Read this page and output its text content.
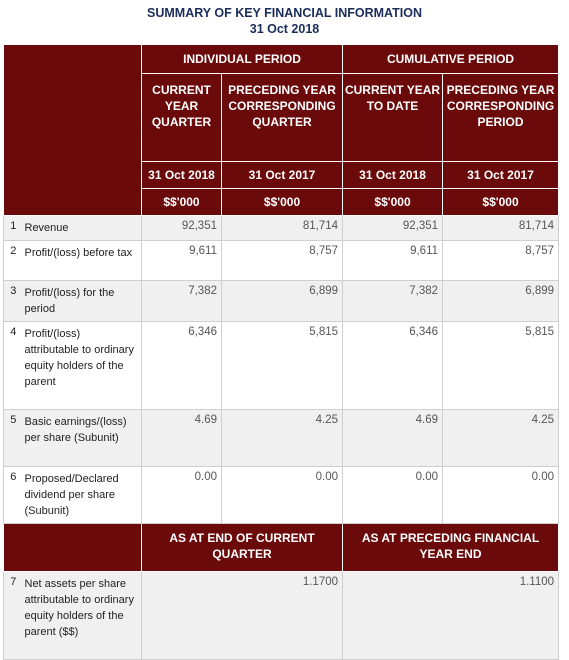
SUMMARY OF KEY FINANCIAL INFORMATION
31 Oct 2018
		INDIVIDUAL PERIOD		CUMULATIVE PERIOD	
		CURRENT YEAR QUARTER	PRECEDING YEAR CORRESPONDING QUARTER	CURRENT YEAR TO DATE	PRECEDING YEAR CORRESPONDING PERIOD
		31 Oct 2018	31 Oct 2017	31 Oct 2018	31 Oct 2017
		$$'000	$$'000	$$'000	$$'000
1	Revenue	92,351	81,714	92,351	81,714
2	Profit/(loss) before tax	9,611	8,757	9,611	8,757
3	Profit/(loss) for the period	7,382	6,899	7,382	6,899
4	Profit/(loss) attributable to ordinary equity holders of the parent	6,346	5,815	6,346	5,815
5	Basic earnings/(loss) per share (Subunit)	4.69	4.25	4.69	4.25
6	Proposed/Declared dividend per share (Subunit)	0.00	0.00	0.00	0.00
		AS AT END OF CURRENT QUARTER		AS AT PRECEDING FINANCIAL YEAR END	
7	Net assets per share attributable to ordinary equity holders of the parent ($$)	1.1700		1.1100	
